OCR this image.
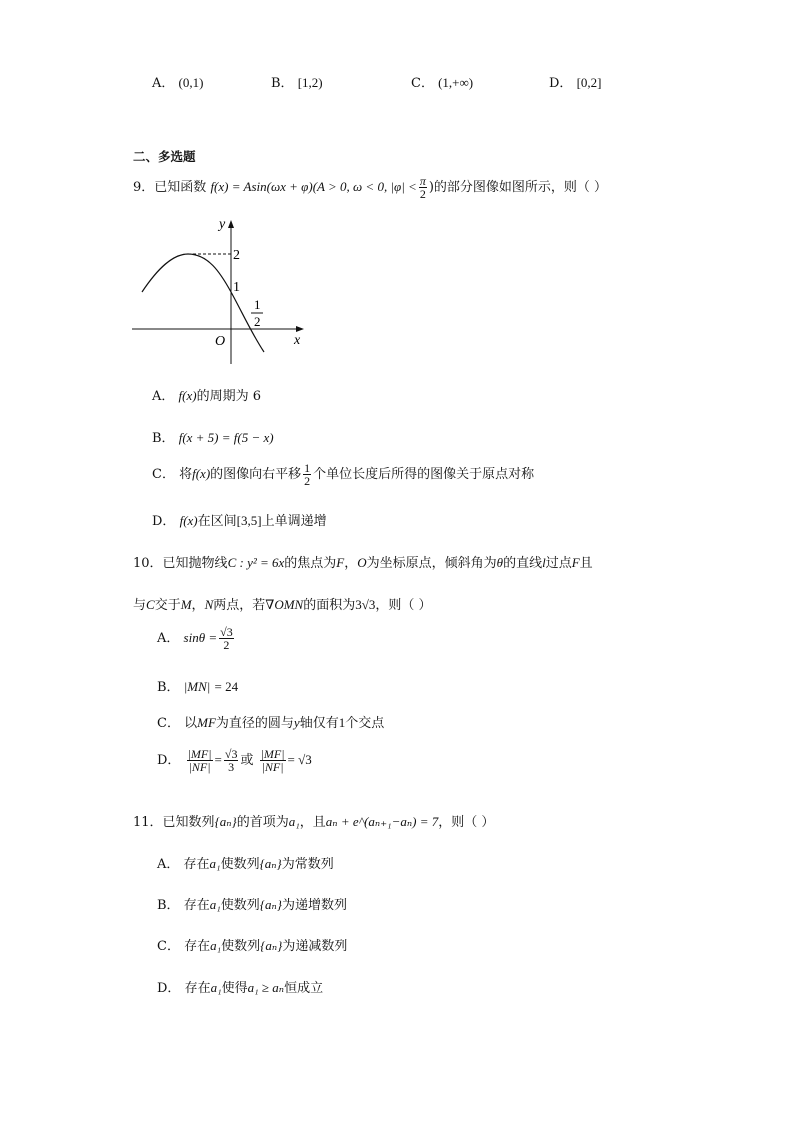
A． (0,1)	B． [1,2)	C． (1,+∞)	D． [0,2]
二、多选题
9．已知函数 f(x) = Asin(ωx + φ)(A > 0, ω < 0, $|\varphi| < \frac{\pi}{2}$ )的部分图像如图所示，则（ ）
y
x
O
2
1
1
2
A． f(x)的周期为 6
B． f(x + 5) = f(5 − x)
C． 将f(x)的图像向右平移 $\frac{1}{2}$ 个单位长度后所得的图像关于原点对称
D． f(x)在区间[3,5]上单调递增
10．已知抛物线C : y² = 6x的焦点为F，O为坐标原点，倾斜角为θ的直线l过点F且
与C交于M，N两点，若∇OMN的面积为3√3，则（ ）
A． $\sin\theta = \frac{√3}{2}$
B． |MN| = 24
C． 以MF为直径的圆与y轴仅有1个交点
D． $\frac{|MF|}{|NF|} = \frac{√3}{3}$ 或 $\frac{|MF|}{|NF|} = √3$
11．已知数列{aₙ}的首项为a₁，且aₙ + e^(aₙ₊₁−aₙ) = 7，则（ ）
A． 存在a₁使数列{aₙ}为常数列
B． 存在a₁使数列{aₙ}为递增数列
C． 存在a₁使数列{aₙ}为递减数列
D． 存在a₁使得a₁ ≥ aₙ恒成立
